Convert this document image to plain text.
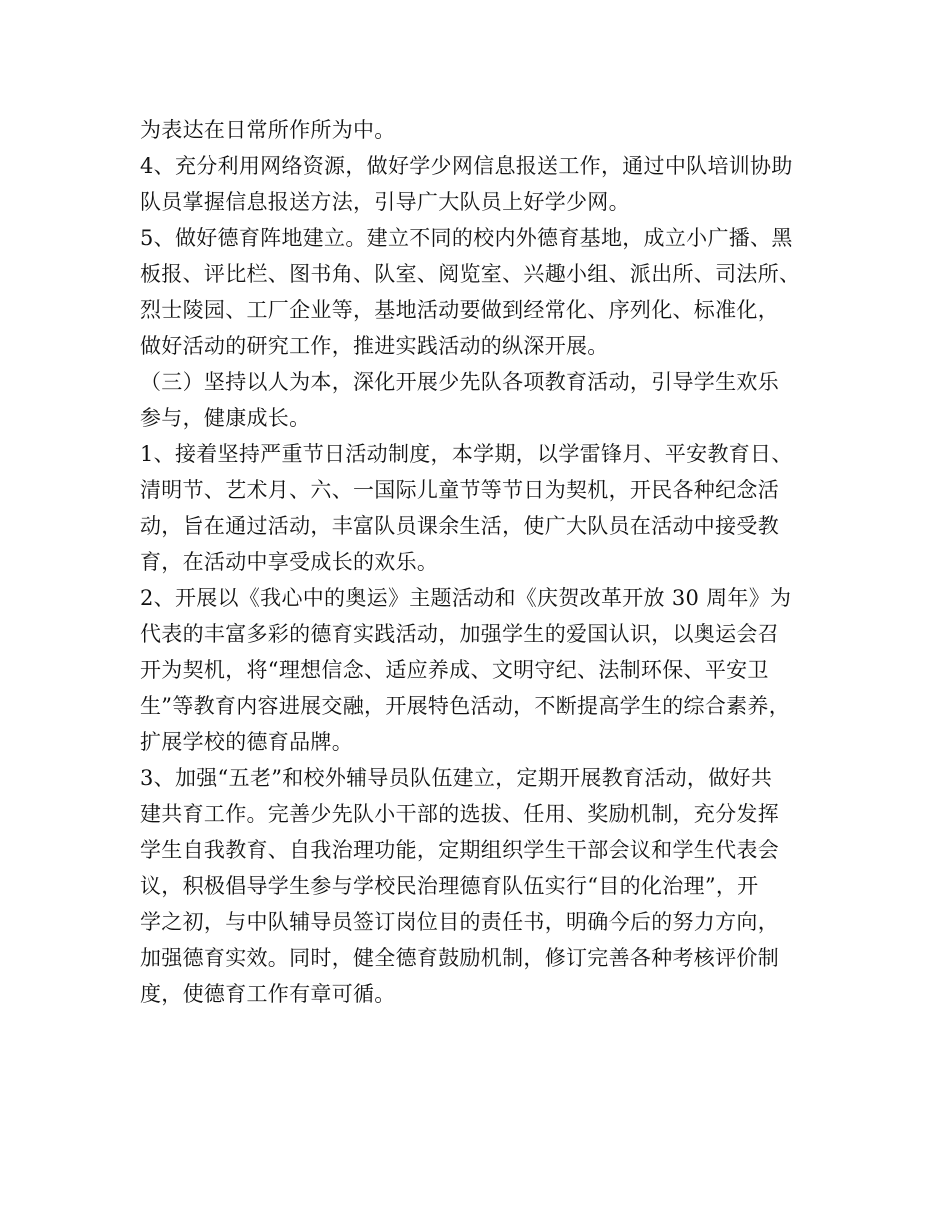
为表达在日常所作所为中。
4、充分利用网络资源，做好学少网信息报送工作，通过中队培训协助
队员掌握信息报送方法，引导广大队员上好学少网。
5、做好德育阵地建立。建立不同的校内外德育基地，成立小广播、黑
板报、评比栏、图书角、队室、阅览室、兴趣小组、派出所、司法所、
烈士陵园、工厂企业等，基地活动要做到经常化、序列化、标准化，
做好活动的研究工作，推进实践活动的纵深开展。
（三）坚持以人为本，深化开展少先队各项教育活动，引导学生欢乐
参与，健康成长。
1、接着坚持严重节日活动制度，本学期，以学雷锋月、平安教育日、
清明节、艺术月、六、一国际儿童节等节日为契机，开民各种纪念活
动，旨在通过活动，丰富队员课余生活，使广大队员在活动中接受教
育，在活动中享受成长的欢乐。
2、开展以《我心中的奥运》主题活动和《庆贺改革开放 30 周年》为
代表的丰富多彩的德育实践活动，加强学生的爱国认识，以奥运会召
开为契机，将“理想信念、适应养成、文明守纪、法制环保、平安卫
生”等教育内容进展交融，开展特色活动，不断提高学生的综合素养，
扩展学校的德育品牌。
3、加强“五老”和校外辅导员队伍建立，定期开展教育活动，做好共
建共育工作。完善少先队小干部的选拔、任用、奖励机制，充分发挥
学生自我教育、自我治理功能，定期组织学生干部会议和学生代表会
议，积极倡导学生参与学校民治理德育队伍实行“目的化治理”，开
学之初，与中队辅导员签订岗位目的责任书，明确今后的努力方向，
加强德育实效。同时，健全德育鼓励机制，修订完善各种考核评价制
度，使德育工作有章可循。
